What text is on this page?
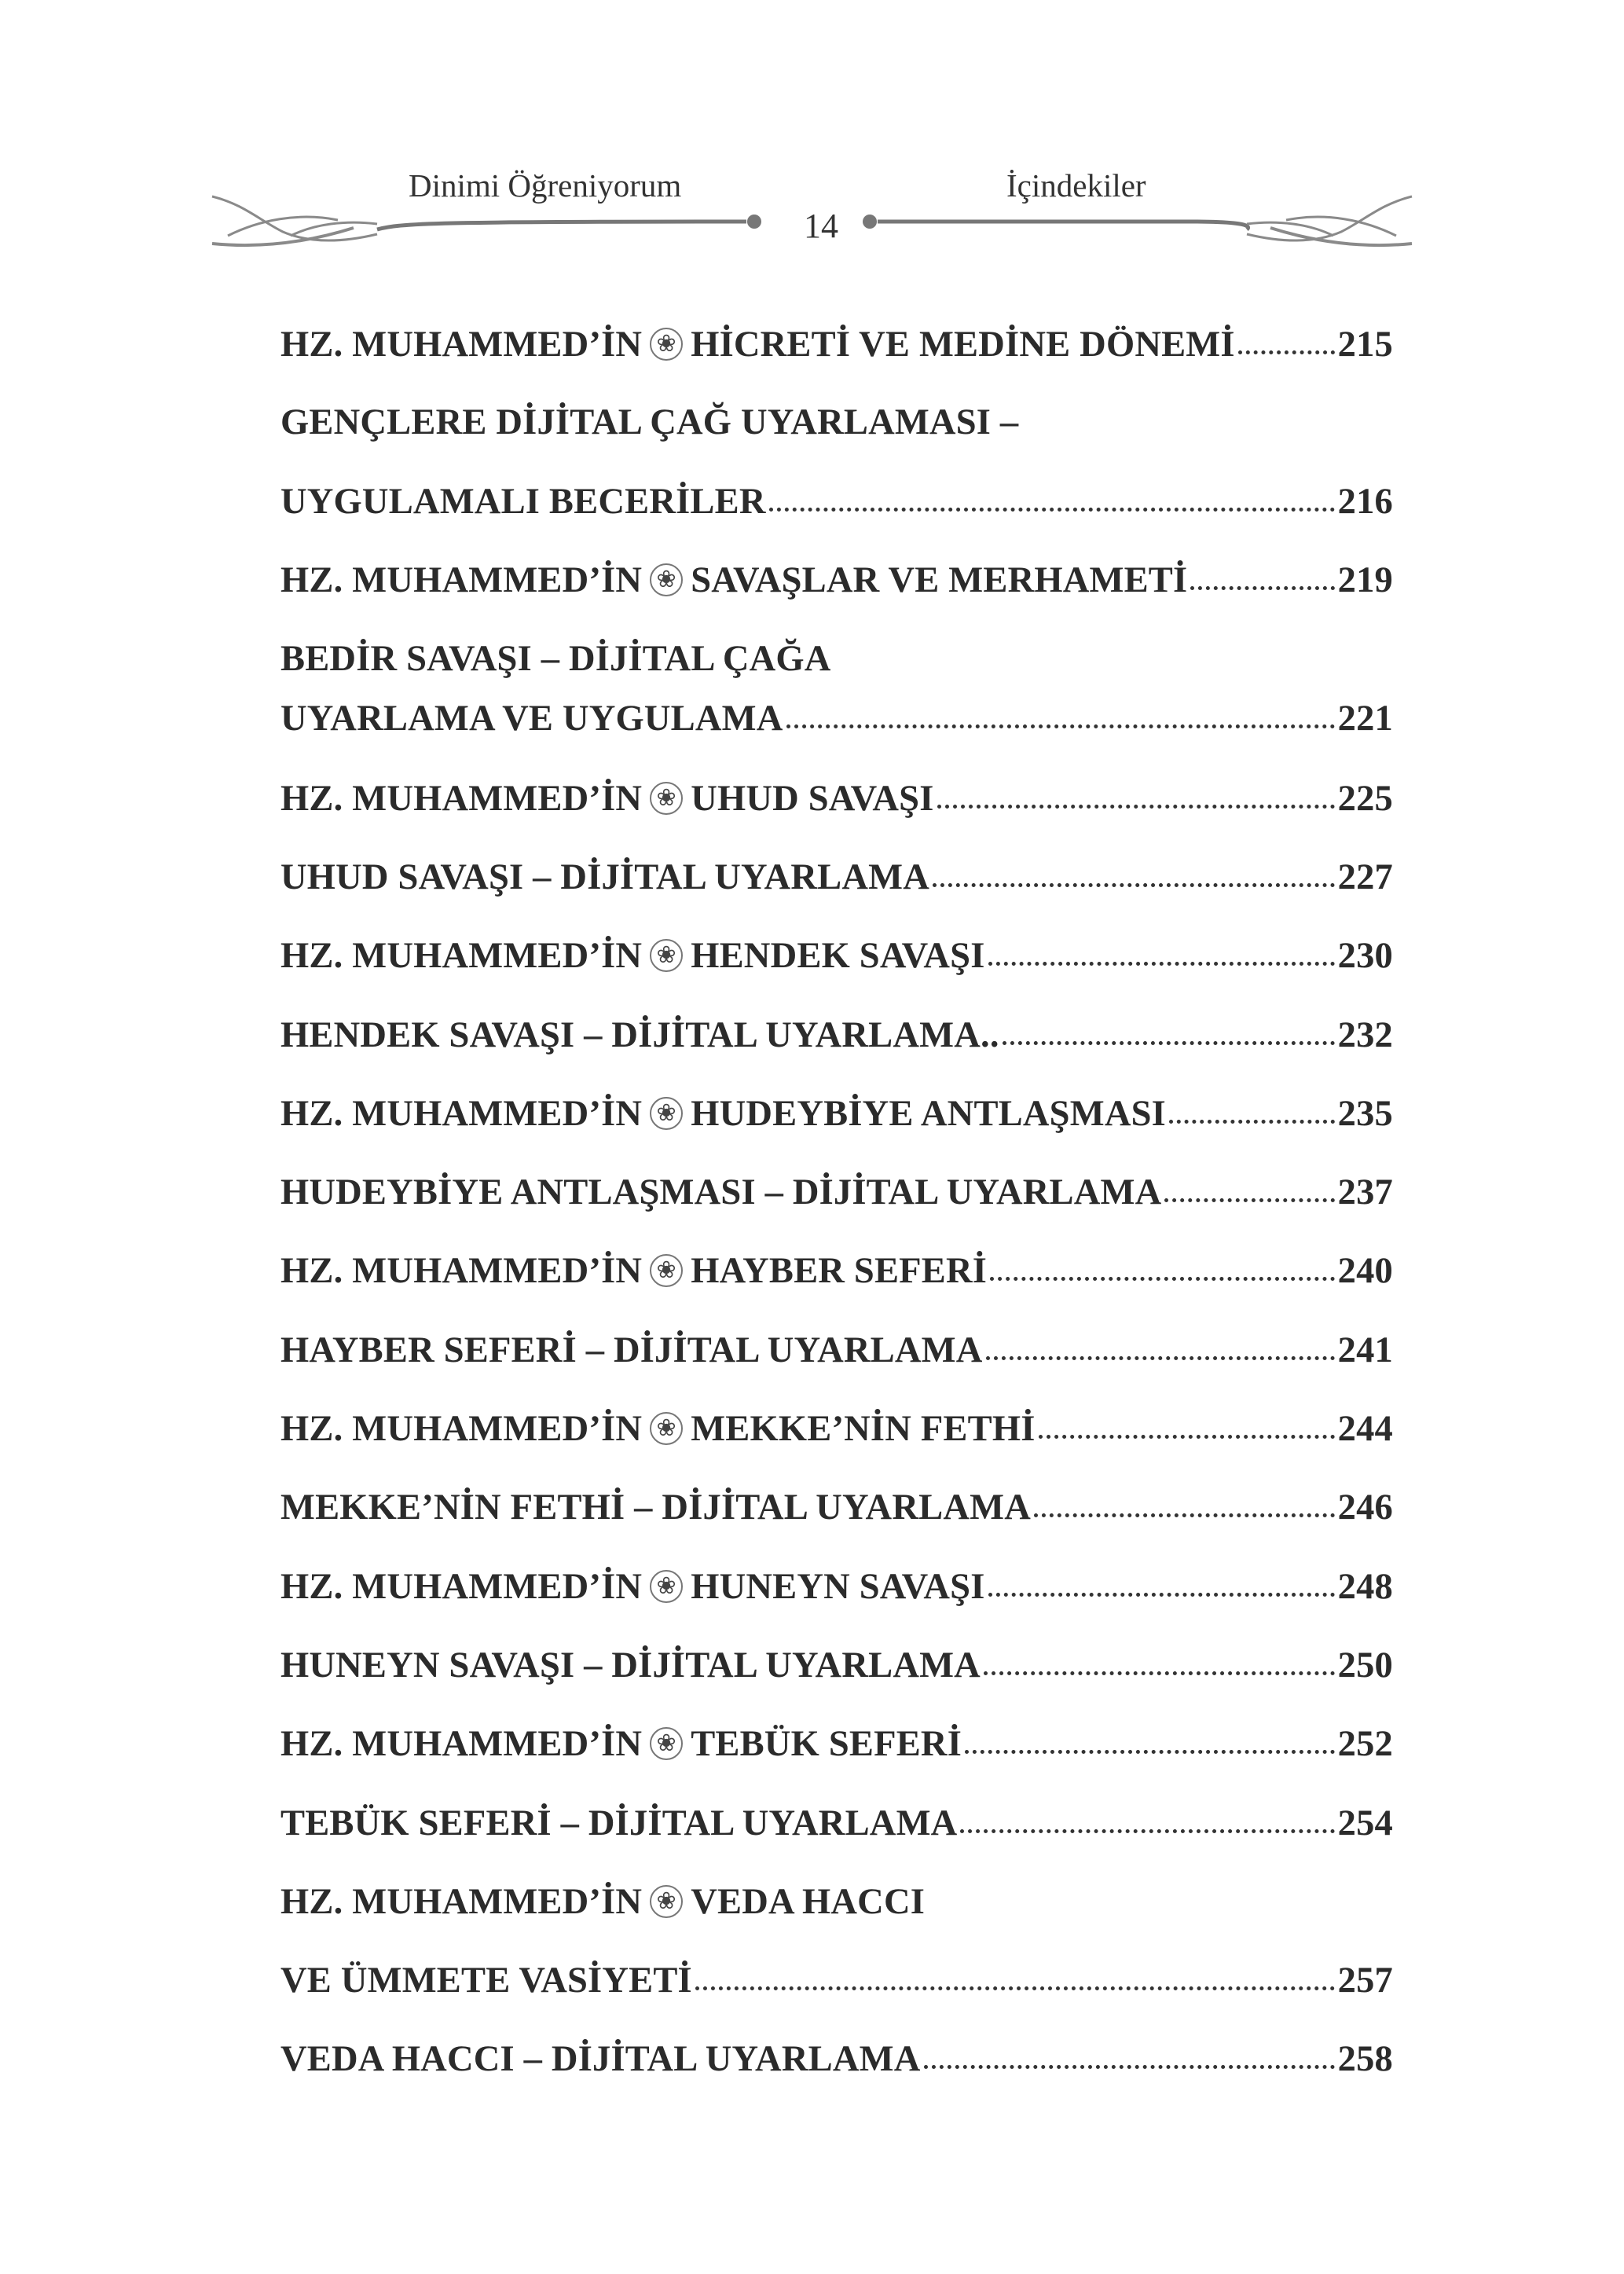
Dinimi Öğreniyorum	İçindekiler
14
HZ. MUHAMMED’İN ❀ HİCRETİ VE MEDİNE DÖNEMİ	215
GENÇLERE DİJİTAL ÇAĞ UYARLAMASI –
UYGULAMALI BECERİLER	216
HZ. MUHAMMED’İN ❀ SAVAŞLAR VE MERHAMETİ	219
BEDİR SAVAŞI – DİJİTAL ÇAĞA
UYARLAMA VE UYGULAMA	221
HZ. MUHAMMED’İN ❀ UHUD SAVAŞI	225
UHUD SAVAŞI – DİJİTAL UYARLAMA	227
HZ. MUHAMMED’İN ❀ HENDEK SAVAŞI	230
HENDEK SAVAŞI – DİJİTAL UYARLAMA..	232
HZ. MUHAMMED’İN ❀ HUDEYBİYE ANTLAŞMASI	235
HUDEYBİYE ANTLAŞMASI – DİJİTAL UYARLAMA	237
HZ. MUHAMMED’İN ❀ HAYBER SEFERİ	240
HAYBER SEFERİ – DİJİTAL UYARLAMA	241
HZ. MUHAMMED’İN ❀ MEKKE’NİN FETHİ	244
MEKKE’NİN FETHİ – DİJİTAL UYARLAMA	246
HZ. MUHAMMED’İN ❀ HUNEYN SAVAŞI	248
HUNEYN SAVAŞI – DİJİTAL UYARLAMA	250
HZ. MUHAMMED’İN ❀ TEBÜK SEFERİ	252
TEBÜK SEFERİ – DİJİTAL UYARLAMA	254
HZ. MUHAMMED’İN ❀ VEDA HACCI
VE ÜMMETE VASİYETİ	257
VEDA HACCI – DİJİTAL UYARLAMA	258
